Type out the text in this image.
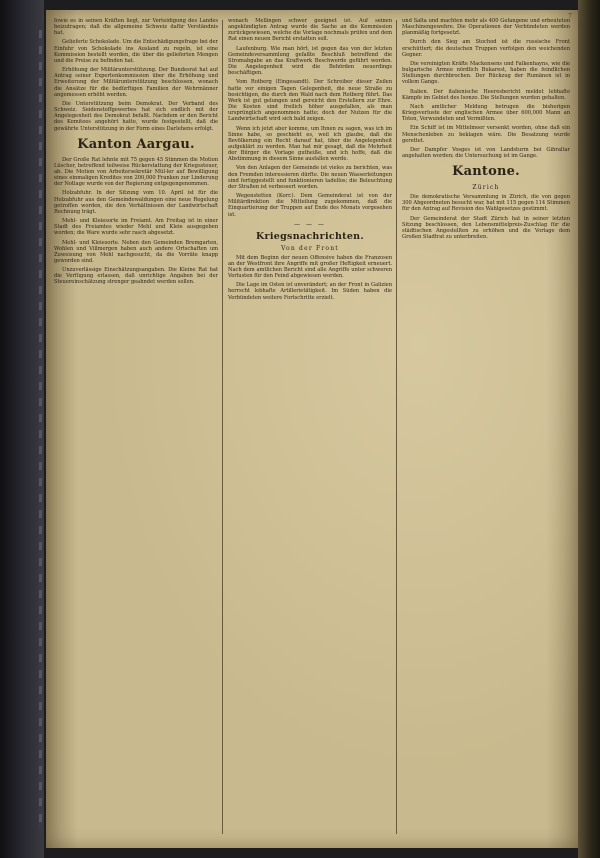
7

fowie es in seinen Kräften liegt, zur Verteidigung des Landes beizutragen; daß die allgemeine Schweiz dafür Verständnis hat.

Gelieferte Schokolade. Um die Entschädigungsfrage bei der Einfuhr von Schokolade ins Ausland zu regeln, ist eine Kommission bestellt worden, die über die gelieferten Mengen und die Preise zu befinden hat.

Erhöhung der Militärunterstützung. Der Bundesrat hat auf Antrag seiner Expertenkommission über die Erhöhung und Erweiterung der Militärunterstützung beschlossen, wonach die Ansätze für die bedürftigen Familien der Wehrmänner angemessen erhöht werden.

Die Unterstützung beim Demokrat. Der Verband des Schweiz. Seidenstoffgewerbes hat sich endlich mit der Angelegenheit des Demokrat befaßt. Nachdem er den Bericht des Komitees angehört hatte, wurde festgestellt, daß die gewährte Unterstützung in der Form eines Darlehens erfolgt.

Kanton Aargau.

Der Große Rat lehnte mit 75 gegen 45 Stimmen die Motion Lüscher, betreffend teilweise Rückerstattung der Kriegssteuer, ab. Die Motion von Arbeitersekretär Mül-ler auf Bewilligung eines einmaligen Kredites von 200,000 Franken zur Linderung der Notlage wurde von der Regierung entgegengenommen.

Holzabfuhr. In der Sitzung vom 10. April ist für die Holzabfuhr aus den Gemeindewaldungen eine neue Regelung getroffen worden, die den Verhältnissen der Landwirtschaft Rechnung trägt.

Mehl- und Kleiesorte im Freiamt. Am Freitag ist in einer Stadt des Freiamtes wieder Mehl und Kleie ausgegeben worden; die Ware wurde sehr rasch abgesetzt.

Mehl- und Kleiesorte. Neben den Gemeinden Bremgarten, Wohlen und Villmergen haben auch andere Ortschaften um Zuweisung von Mehl nachgesucht, da die Vorräte knapp geworden sind.

Unzuverlässige Einschätzungsangaben. Die Kleine Rat hat die Verfügung erlassen, daß unrichtige Angaben bei der Steuereinschätzung strenger geahndet werden sollen.

wonach Mellingen schwer geeignet ist. Auf seinen angekündigten Antrag wurde die Sache an die Kommission zurückgewiesen, welche die Vorlage nochmals prüfen und dem Rat einen neuen Bericht erstatten soll.

Laufenburg. Wie man hört, ist gegen das von der letzten Gemeindeversammlung gefaßte Beschluß betreffend die Stromabgabe an das Kraftwerk Beschwerde geführt worden. Die Angelegenheit wird die Behörden neuerdings beschäftigen.

Vom Rotberg (Eingesandt). Der Schreiber dieser Zeilen hatte vor einigen Tagen Gelegenheit, die neue Straße zu besichtigen, die durch den Wald nach dem Rotberg führt. Das Werk ist gut gelungen und gereicht den Erstellern zur Ehre. Die Kosten sind freilich höher ausgefallen, als man ursprünglich angenommen hatte; doch der Nutzen für die Landwirtschaft wird sich bald zeigen.

Wenn ich jetzt aber komme, um Ihnen zu sagen, was ich im Sinne habe, so geschieht es, weil ich glaube, daß die Bevölkerung ein Recht darauf hat, über die Angelegenheit aufgeklärt zu werden. Man hat mir gesagt, daß die Mehrheit der Bürger die Vorlage gutheiße, und ich hoffe, daß die Abstimmung in diesem Sinne ausfallen werde.

Von den Anlagen der Gemeinde ist vieles zu berichten, was den Fremden interessieren dürfte. Die neuen Wasserleitungen sind fertiggestellt und funktionieren tadellos; die Beleuchtung der Straßen ist verbessert worden.

Wegenstetten (Korr.). Dem Gemeinderat ist von der Militärdirektion die Mitteilung zugekommen, daß die Einquartierung der Truppen auf Ende des Monats vorgesehen ist.

— — —
Kriegsnachrichten.
Von der Front

Mit dem Beginn der neuen Offensive haben die Franzosen an der Westfront ihre Angriffe mit großer Heftigkeit erneuert. Nach dem amtlichen Bericht sind alle Angriffe unter schweren Verlusten für den Feind abgewiesen worden.

Die Lage im Osten ist unverändert; an der Front in Galizien herrscht lebhafte Artillerietätigkeit. Im Süden haben die Verbündeten weitere Fortschritte erzielt.

und Salta und machten mehr als 400 Gefangene und erbeuteten Maschinengewehre. Die Operationen der Verbündeten werden planmäßig fortgesetzt.

Durch den Sieg am Stochod ist die russische Front erschüttert; die deutschen Truppen verfolgen den weichenden Gegner.

Die vereinigten Kräfte Mackensens und Falkenhayns, wie die bulgarische Armee nördlich Bukarest, haben die feindlichen Stellungen durchbrochen. Der Rückzug der Rumänen ist in vollem Gange.

Italien. Der italienische Heeresbericht meldet lebhafte Kämpfe im Gebiet des Isonzo. Die Stellungen wurden gehalten.

Nach amtlicher Meldung betrugen die bisherigen Kriegsverluste der englischen Armee über 600,000 Mann an Toten, Verwundeten und Vermißten.

Ein Schiff ist im Mittelmeer versenkt worden, ohne daß ein Menschenleben zu beklagen wäre. Die Besatzung wurde gerettet.

Der Dampfer Vosges ist von Landsturm bei Gibraltar angehalten worden; die Untersuchung ist im Gange.

Kantone.
Zürich

Die demokratische Versammlung in Zürich, die von gegen 300 Abgeordneten besucht war, hat mit 115 gegen 114 Stimmen für den Antrag auf Revision des Wahlgesetzes gestimmt.

Der Gemeinderat der Stadt Zürich hat in seiner letzten Sitzung beschlossen, den Lebensmittelpreis-Zuschlag für die städtischen Angestellten zu erhöhen und die Vorlage dem Großen Stadtrat zu unterbreiten.
